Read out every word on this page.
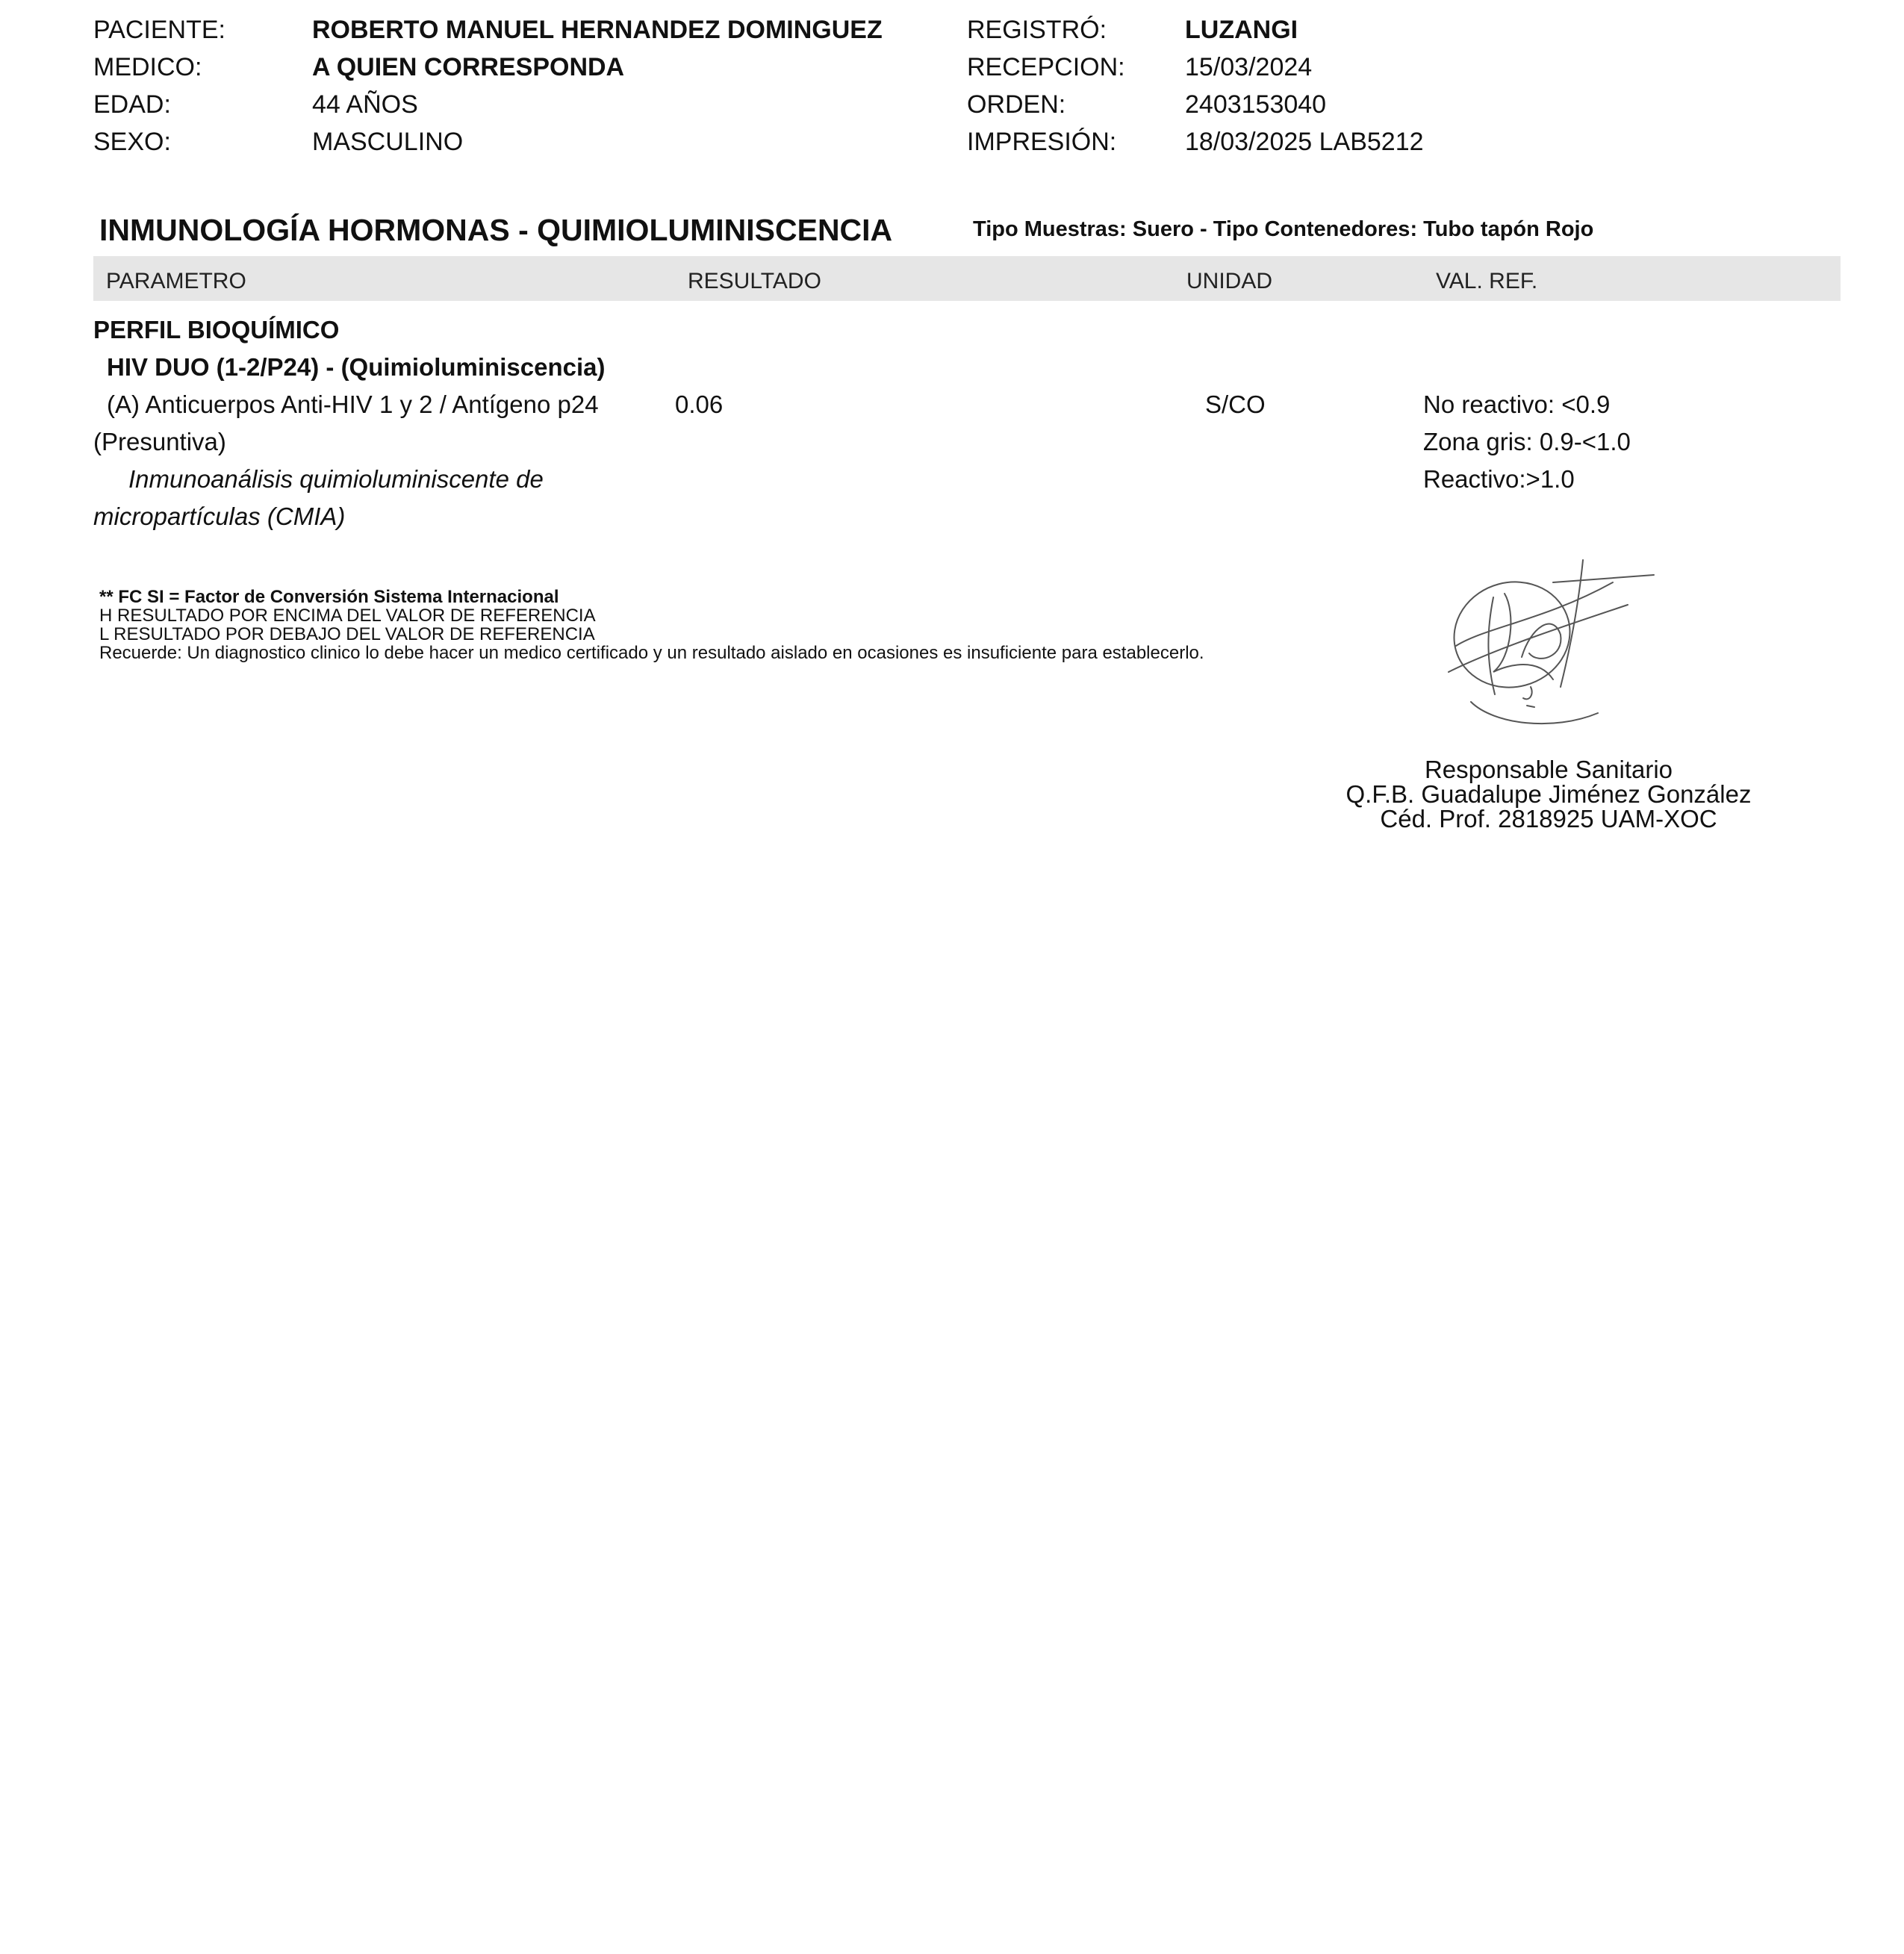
PACIENTE:	ROBERTO MANUEL HERNANDEZ DOMINGUEZ
MEDICO:	A QUIEN CORRESPONDA
EDAD:	44 AÑOS
SEXO:	MASCULINO
REGISTRÓ:	LUZANGI
RECEPCION: 15/03/2024
ORDEN:	2403153040
IMPRESIÓN:	18/03/2025 LAB5212
INMUNOLOGÍA HORMONAS - QUIMIOLUMINISCENCIA	Tipo Muestras: Suero - Tipo Contenedores: Tubo tapón Rojo
PARAMETRO	RESULTADO	UNIDAD	VAL. REF.
PERFIL BIOQUÍMICO
HIV DUO (1-2/P24) - (Quimioluminiscencia)
(A) Anticuerpos Anti-HIV 1 y 2 / Antígeno p24
(Presuntiva)
Inmunoanálisis quimioluminiscente de
micropartículas (CMIA)
0.06	S/CO	No reactivo: <0.9
Zona gris: 0.9-<1.0
Reactivo:>1.0
** FC SI = Factor de Conversión Sistema Internacional
H RESULTADO POR ENCIMA DEL VALOR DE REFERENCIA
L RESULTADO POR DEBAJO DEL VALOR DE REFERENCIA
Recuerde: Un diagnostico clinico lo debe hacer un medico certificado y un resultado aislado en ocasiones es insuficiente para establecerlo.
Responsable Sanitario
Q.F.B. Guadalupe Jiménez González
Céd. Prof. 2818925 UAM-XOC
